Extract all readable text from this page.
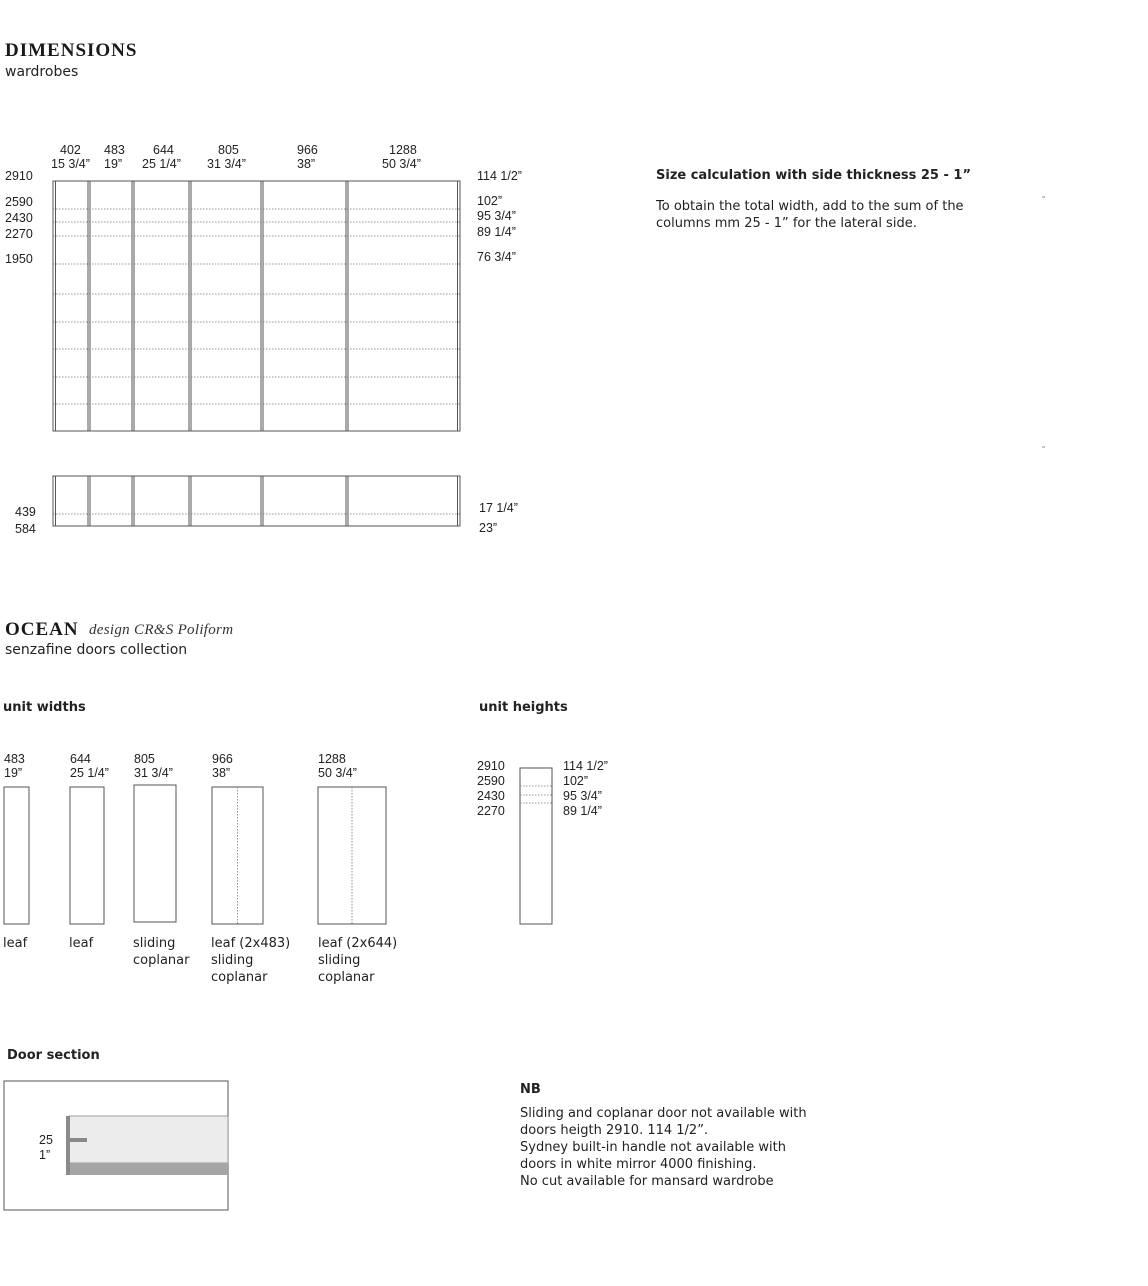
DIMENSIONS
wardrobes
402
15 3/4”
483
19”
644
25 1/4”
805
31 3/4”
966
38”
1288
50 3/4”
2910
2590
2430
2270
1950
114 1/2”
102”
95 3/4”
89 1/4”
76 3/4”
439
584
17 1/4”
23”
Size calculation with side thickness 25 - 1”
To obtain the total width, add to the sum of the columns mm 25 - 1” for the lateral side.
OCEAN design CR&S Poliform
senzafine doors collection
unit widths
483
19”
leaf
644
25 1/4”
leaf
805
31 3/4”
sliding
coplanar
966
38”
leaf (2x483)
sliding
coplanar
1288
50 3/4”
leaf (2x644)
sliding
coplanar
unit heights
2910
2590
2430
2270
114 1/2”
102”
95 3/4”
89 1/4”
Door section
25
1”
NB
Sliding and coplanar door not available with
doors heigth 2910. 114 1/2”.
Sydney built-in handle not available with
doors in white mirror 4000 finishing.
No cut available for mansard wardrobe
